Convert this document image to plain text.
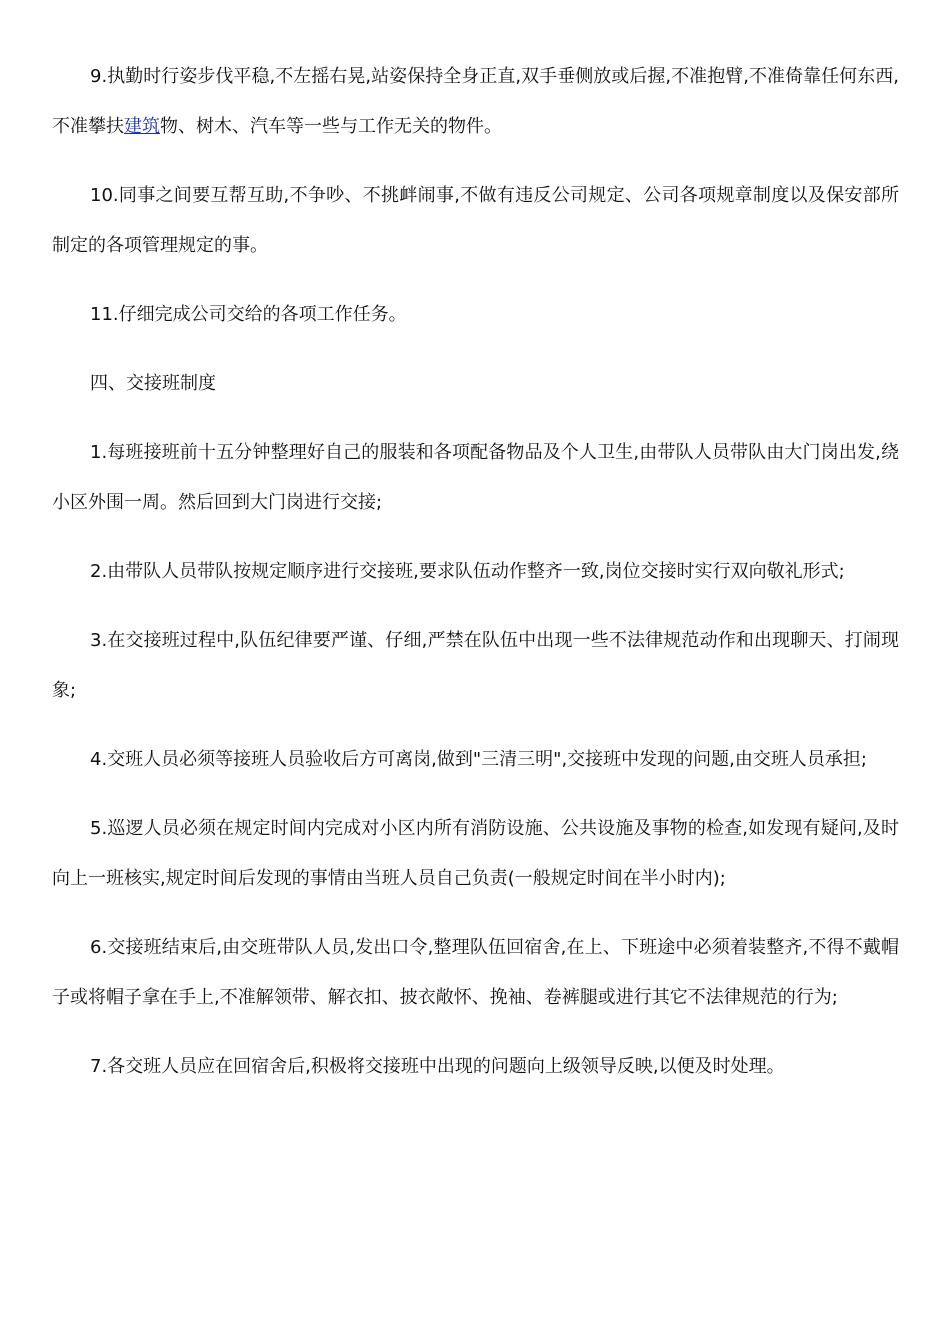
9.执勤时行姿步伐平稳,不左摇右晃,站姿保持全身正直,双手垂侧放或后握,不准抱臂,不准倚靠任何东西,不准攀扶建筑物、树木、汽车等一些与工作无关的物件。

10.同事之间要互帮互助,不争吵、不挑衅闹事,不做有违反公司规定、公司各项规章制度以及保安部所制定的各项管理规定的事。

11.仔细完成公司交给的各项工作任务。

四、交接班制度

1.每班接班前十五分钟整理好自己的服装和各项配备物品及个人卫生,由带队人员带队由大门岗出发,绕小区外围一周。然后回到大门岗进行交接;

2.由带队人员带队按规定顺序进行交接班,要求队伍动作整齐一致,岗位交接时实行双向敬礼形式;

3.在交接班过程中,队伍纪律要严谨、仔细,严禁在队伍中出现一些不法律规范动作和出现聊天、打闹现象;

4.交班人员必须等接班人员验收后方可离岗,做到"三清三明",交接班中发现的问题,由交班人员承担;

5.巡逻人员必须在规定时间内完成对小区内所有消防设施、公共设施及事物的检查,如发现有疑问,及时向上一班核实,规定时间后发现的事情由当班人员自己负责(一般规定时间在半小时内);

6.交接班结束后,由交班带队人员,发出口令,整理队伍回宿舍,在上、下班途中必须着装整齐,不得不戴帽子或将帽子拿在手上,不准解领带、解衣扣、披衣敞怀、挽袖、卷裤腿或进行其它不法律规范的行为;

7.各交班人员应在回宿舍后,积极将交接班中出现的问题向上级领导反映,以便及时处理。
